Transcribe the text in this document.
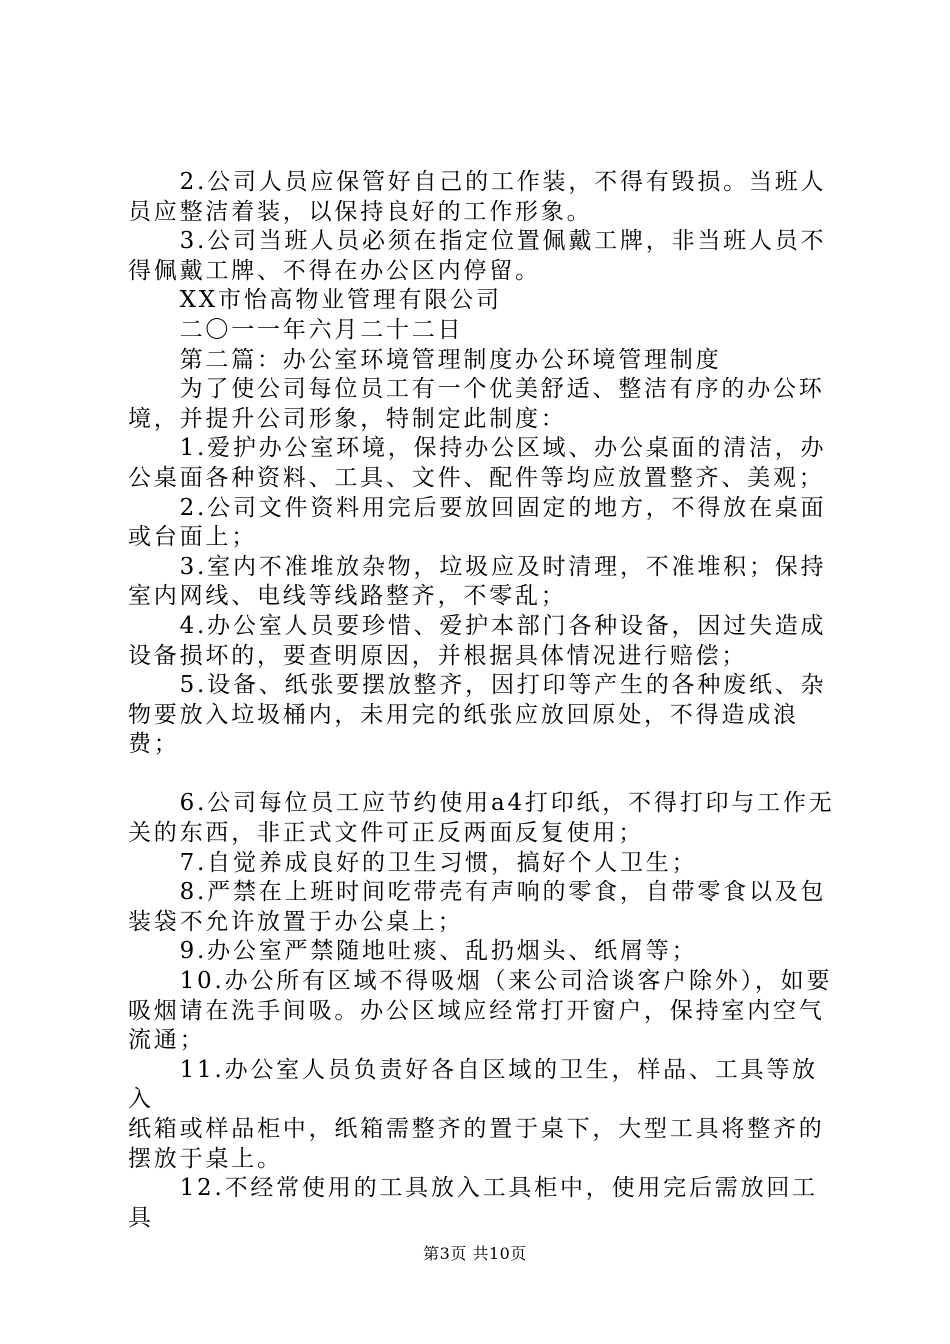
　　2.公司人员应保管好自己的工作装，不得有毁损。当班人

员应整洁着装，以保持良好的工作形象。

　　3.公司当班人员必须在指定位置佩戴工牌，非当班人员不

得佩戴工牌、不得在办公区内停留。

　　XX市怡高物业管理有限公司

　　二〇一一年六月二十二日

　　第二篇：办公室环境管理制度办公环境管理制度

　　为了使公司每位员工有一个优美舒适、整洁有序的办公环

境，并提升公司形象，特制定此制度：

　　1.爱护办公室环境，保持办公区域、办公桌面的清洁，办

公桌面各种资料、工具、文件、配件等均应放置整齐、美观；

　　2.公司文件资料用完后要放回固定的地方，不得放在桌面

或台面上；

　　3.室内不准堆放杂物，垃圾应及时清理，不准堆积；保持

室内网线、电线等线路整齐，不零乱；

　　4.办公室人员要珍惜、爱护本部门各种设备，因过失造成

设备损坏的，要查明原因，并根据具体情况进行赔偿；

　　5.设备、纸张要摆放整齐，因打印等产生的各种废纸、杂

物要放入垃圾桶内，未用完的纸张应放回原处，不得造成浪费；

　　6.公司每位员工应节约使用a4打印纸，不得打印与工作无

关的东西，非正式文件可正反两面反复使用；

　　7.自觉养成良好的卫生习惯，搞好个人卫生；

　　8.严禁在上班时间吃带壳有声响的零食，自带零食以及包

装袋不允许放置于办公桌上；

　　9.办公室严禁随地吐痰、乱扔烟头、纸屑等；

　　10.办公所有区域不得吸烟（来公司洽谈客户除外），如要

吸烟请在洗手间吸。办公区域应经常打开窗户，保持室内空气

流通；

　　11.办公室人员负责好各自区域的卫生，样品、工具等放入

纸箱或样品柜中，纸箱需整齐的置于桌下，大型工具将整齐的

摆放于桌上。

　　12.不经常使用的工具放入工具柜中，使用完后需放回工具

第3页 共10页
